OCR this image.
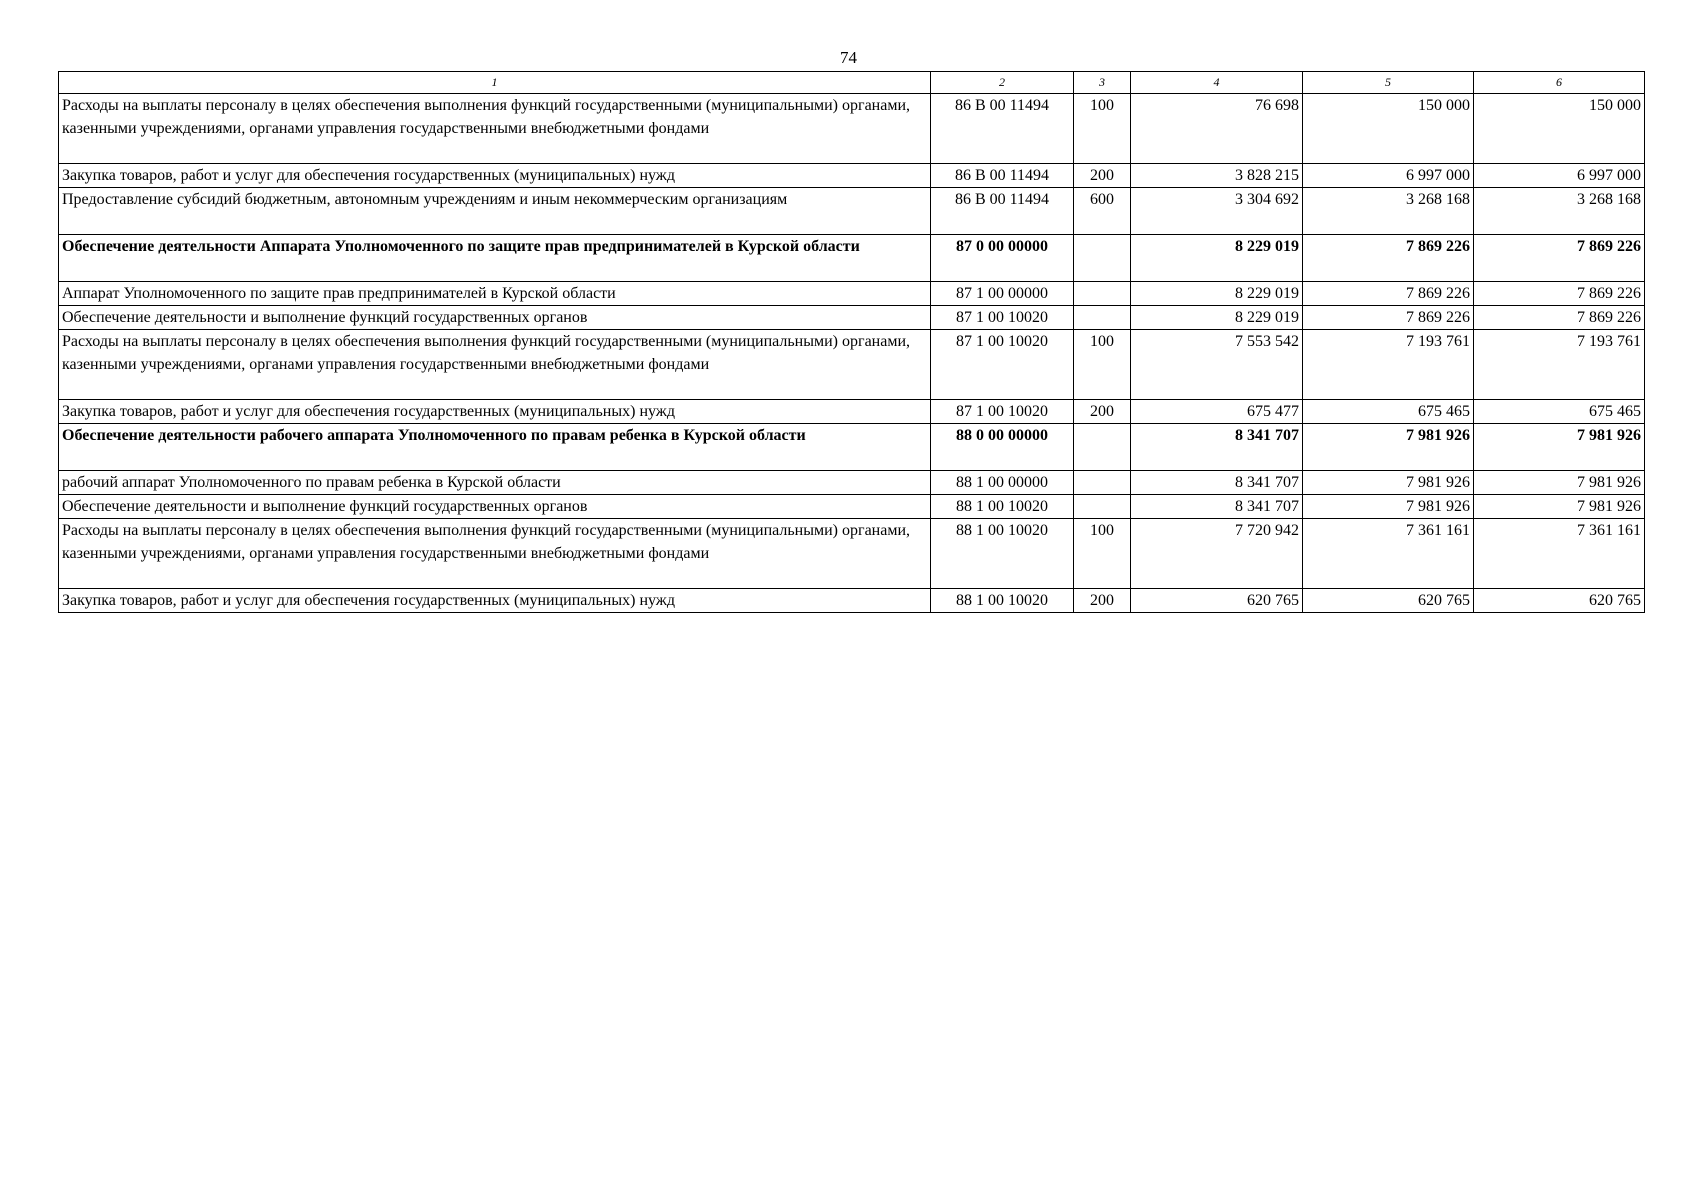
74
1	2	3	4	5	6
Расходы на выплаты персоналу в целях обеспечения выполнения функций государственными (муниципальными) органами, казенными учреждениями, органами управления государственными внебюджетными фондами	86 В 00 11494	100	76 698	150 000	150 000
Закупка товаров, работ и услуг для обеспечения государственных (муниципальных) нужд	86 В 00 11494	200	3 828 215	6 997 000	6 997 000
Предоставление субсидий бюджетным, автономным учреждениям и иным некоммерческим организациям	86 В 00 11494	600	3 304 692	3 268 168	3 268 168
Обеспечение деятельности Аппарата Уполномоченного по защите прав предпринимателей в Курской области	87 0 00 00000		8 229 019	7 869 226	7 869 226
Аппарат Уполномоченного по защите прав предпринимателей в Курской области	87 1 00 00000		8 229 019	7 869 226	7 869 226
Обеспечение деятельности и выполнение функций государственных органов	87 1 00 10020		8 229 019	7 869 226	7 869 226
Расходы на выплаты персоналу в целях обеспечения выполнения функций государственными (муниципальными) органами, казенными учреждениями, органами управления государственными внебюджетными фондами	87 1 00 10020	100	7 553 542	7 193 761	7 193 761
Закупка товаров, работ и услуг для обеспечения государственных (муниципальных) нужд	87 1 00 10020	200	675 477	675 465	675 465
Обеспечение деятельности рабочего аппарата Уполномоченного по правам ребенка в Курской области	88 0 00 00000		8 341 707	7 981 926	7 981 926
рабочий аппарат Уполномоченного по правам ребенка в Курской области	88 1 00 00000		8 341 707	7 981 926	7 981 926
Обеспечение деятельности и выполнение функций государственных органов	88 1 00 10020		8 341 707	7 981 926	7 981 926
Расходы на выплаты персоналу в целях обеспечения выполнения функций государственными (муниципальными) органами, казенными учреждениями, органами управления государственными внебюджетными фондами	88 1 00 10020	100	7 720 942	7 361 161	7 361 161
Закупка товаров, работ и услуг для обеспечения государственных (муниципальных) нужд	88 1 00 10020	200	620 765	620 765	620 765
